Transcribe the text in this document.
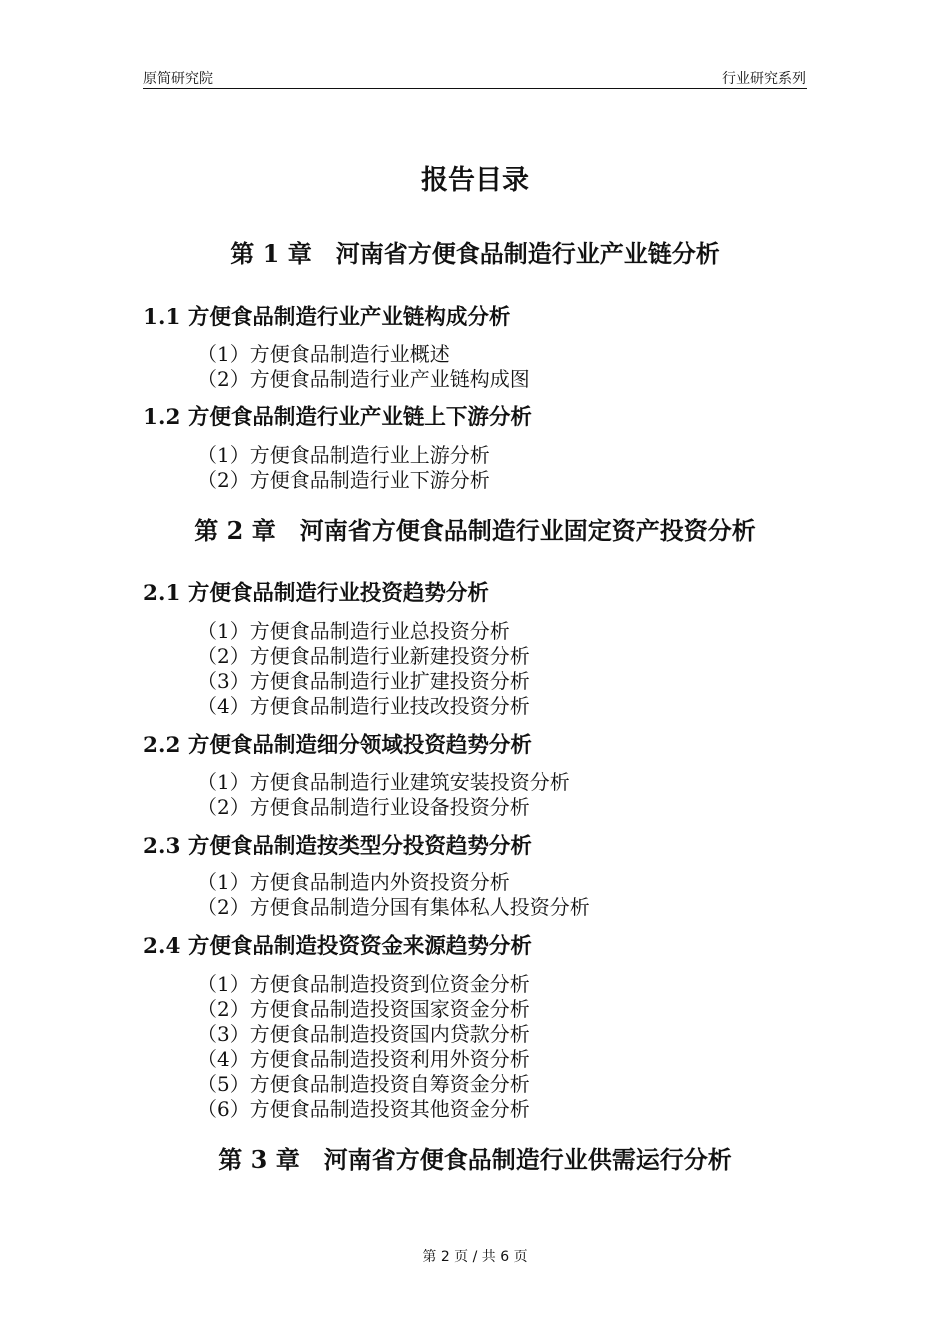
原简研究院	行业研究系列
报告目录
第 1 章　河南省方便食品制造行业产业链分析
1.1 方便食品制造行业产业链构成分析
（1）方便食品制造行业概述
（2）方便食品制造行业产业链构成图
1.2 方便食品制造行业产业链上下游分析
（1）方便食品制造行业上游分析
（2）方便食品制造行业下游分析
第 2 章　河南省方便食品制造行业固定资产投资分析
2.1 方便食品制造行业投资趋势分析
（1）方便食品制造行业总投资分析
（2）方便食品制造行业新建投资分析
（3）方便食品制造行业扩建投资分析
（4）方便食品制造行业技改投资分析
2.2 方便食品制造细分领域投资趋势分析
（1）方便食品制造行业建筑安装投资分析
（2）方便食品制造行业设备投资分析
2.3 方便食品制造按类型分投资趋势分析
（1）方便食品制造内外资投资分析
（2）方便食品制造分国有集体私人投资分析
2.4 方便食品制造投资资金来源趋势分析
（1）方便食品制造投资到位资金分析
（2）方便食品制造投资国家资金分析
（3）方便食品制造投资国内贷款分析
（4）方便食品制造投资利用外资分析
（5）方便食品制造投资自筹资金分析
（6）方便食品制造投资其他资金分析
第 3 章　河南省方便食品制造行业供需运行分析
第 2 页 / 共 6 页
